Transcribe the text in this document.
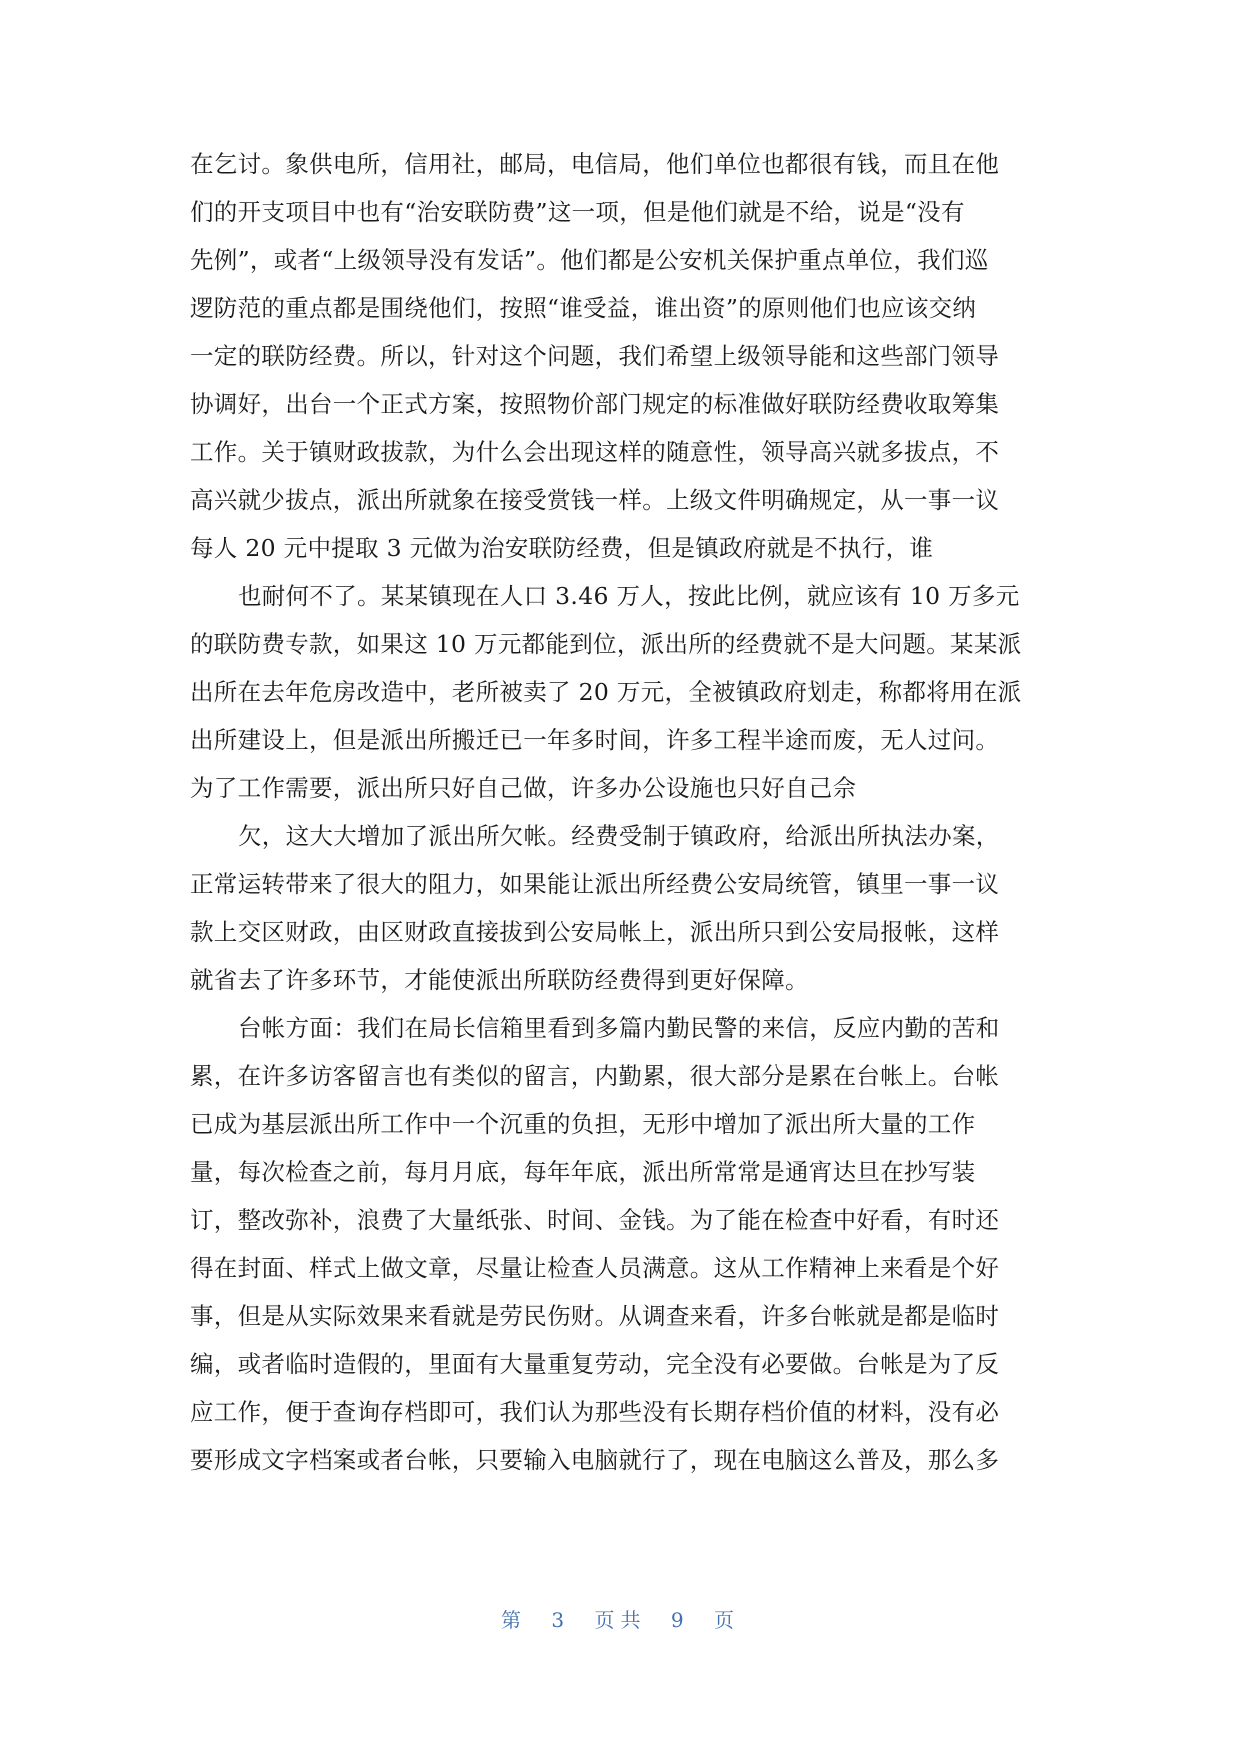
在乞讨。象供电所，信用社，邮局，电信局，他们单位也都很有钱，而且在他
们的开支项目中也有“治安联防费”这一项，但是他们就是不给，说是“没有
先例”，或者“上级领导没有发话”。他们都是公安机关保护重点单位，我们巡
逻防范的重点都是围绕他们，按照“谁受益，谁出资”的原则他们也应该交纳
一定的联防经费。所以，针对这个问题，我们希望上级领导能和这些部门领导
协调好，出台一个正式方案，按照物价部门规定的标准做好联防经费收取筹集
工作。关于镇财政拔款，为什么会出现这样的随意性，领导高兴就多拔点，不
高兴就少拔点，派出所就象在接受赏钱一样。上级文件明确规定，从一事一议
每人 20 元中提取 3 元做为治安联防经费，但是镇政府就是不执行，谁
也耐何不了。某某镇现在人口 3.46 万人，按此比例，就应该有 10 万多元
的联防费专款，如果这 10 万元都能到位，派出所的经费就不是大问题。某某派
出所在去年危房改造中，老所被卖了 20 万元，全被镇政府划走，称都将用在派
出所建设上，但是派出所搬迁已一年多时间，许多工程半途而废，无人过问。
为了工作需要，派出所只好自己做，许多办公设施也只好自己佘
欠，这大大增加了派出所欠帐。经费受制于镇政府，给派出所执法办案，
正常运转带来了很大的阻力，如果能让派出所经费公安局统管，镇里一事一议
款上交区财政，由区财政直接拔到公安局帐上，派出所只到公安局报帐，这样
就省去了许多环节，才能使派出所联防经费得到更好保障。
台帐方面：我们在局长信箱里看到多篇内勤民警的来信，反应内勤的苦和
累，在许多访客留言也有类似的留言，内勤累，很大部分是累在台帐上。台帐
已成为基层派出所工作中一个沉重的负担，无形中增加了派出所大量的工作
量，每次检查之前，每月月底，每年年底，派出所常常是通宵达旦在抄写装
订，整改弥补，浪费了大量纸张、时间、金钱。为了能在检查中好看，有时还
得在封面、样式上做文章，尽量让检查人员满意。这从工作精神上来看是个好
事，但是从实际效果来看就是劳民伤财。从调查来看，许多台帐就是都是临时
编，或者临时造假的，里面有大量重复劳动，完全没有必要做。台帐是为了反
应工作，便于查询存档即可，我们认为那些没有长期存档价值的材料，没有必
要形成文字档案或者台帐，只要输入电脑就行了，现在电脑这么普及，那么多
第 3 页共 9 页
